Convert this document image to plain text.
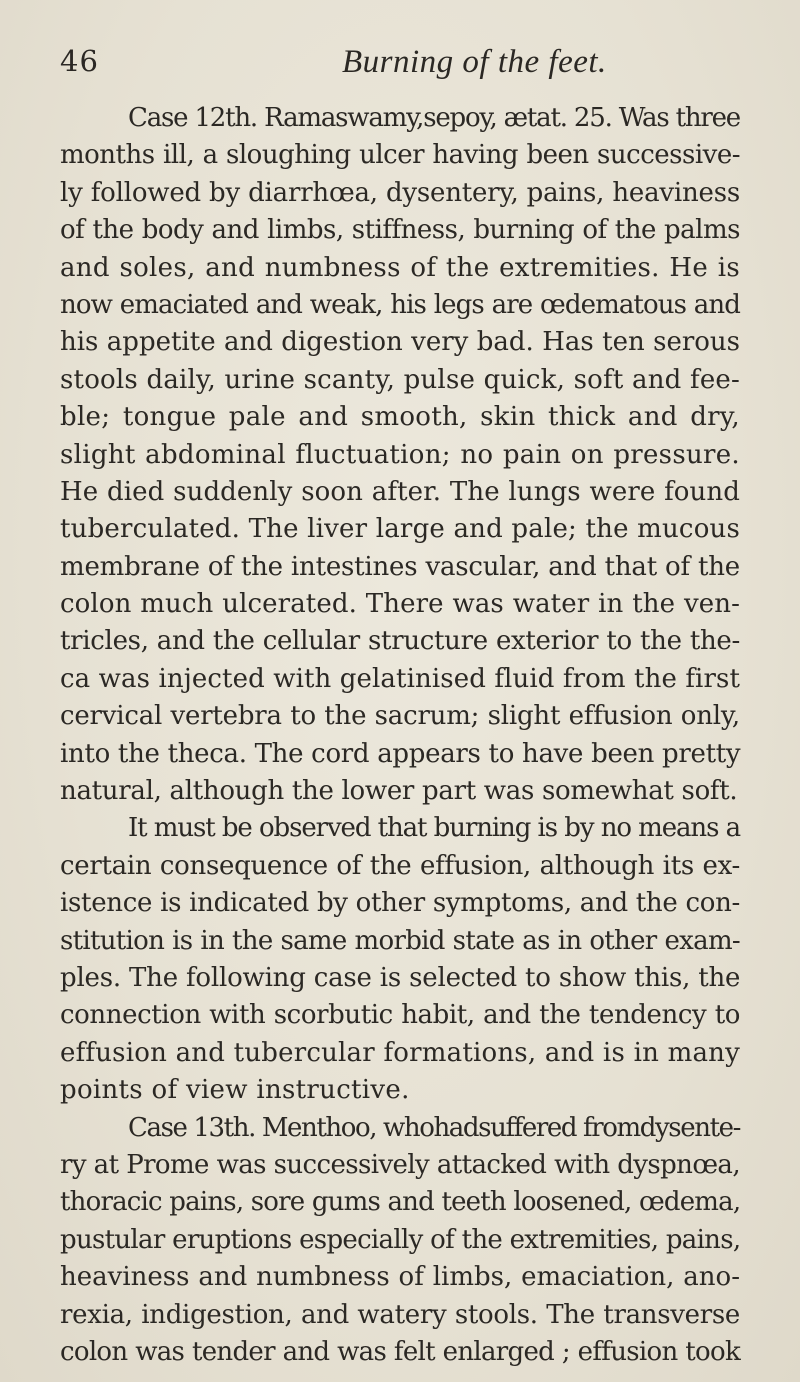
46	Burning of the feet.
Case 12th. Ramaswamy,sepoy, ætat. 25. Was three
months ill, a sloughing ulcer having been successive-
ly followed by diarrhœa, dysentery, pains, heaviness
of the body and limbs, stiffness, burning of the palms
and soles, and numbness of the extremities. He is
now emaciated and weak, his legs are œdematous and
his appetite and digestion very bad. Has ten serous
stools daily, urine scanty, pulse quick, soft and fee-
ble; tongue pale and smooth, skin thick and dry,
slight abdominal fluctuation; no pain on pressure.
He died suddenly soon after. The lungs were found
tuberculated. The liver large and pale; the mucous
membrane of the intestines vascular, and that of the
colon much ulcerated. There was water in the ven-
tricles, and the cellular structure exterior to the the-
ca was injected with gelatinised fluid from the first
cervical vertebra to the sacrum; slight effusion only,
into the theca. The cord appears to have been pretty
natural, although the lower part was somewhat soft.
It must be observed that burning is by no means a
certain consequence of the effusion, although its ex-
istence is indicated by other symptoms, and the con-
stitution is in the same morbid state as in other exam-
ples. The following case is selected to show this, the
connection with scorbutic habit, and the tendency to
effusion and tubercular formations, and is in many
points of view instructive.
Case 13th. Menthoo, whohadsuffered fromdysente-
ry at Prome was successively attacked with dyspnœa,
thoracic pains, sore gums and teeth loosened, œdema,
pustular eruptions especially of the extremities, pains,
heaviness and numbness of limbs, emaciation, ano-
rexia, indigestion, and watery stools. The transverse
colon was tender and was felt enlarged ; effusion took
